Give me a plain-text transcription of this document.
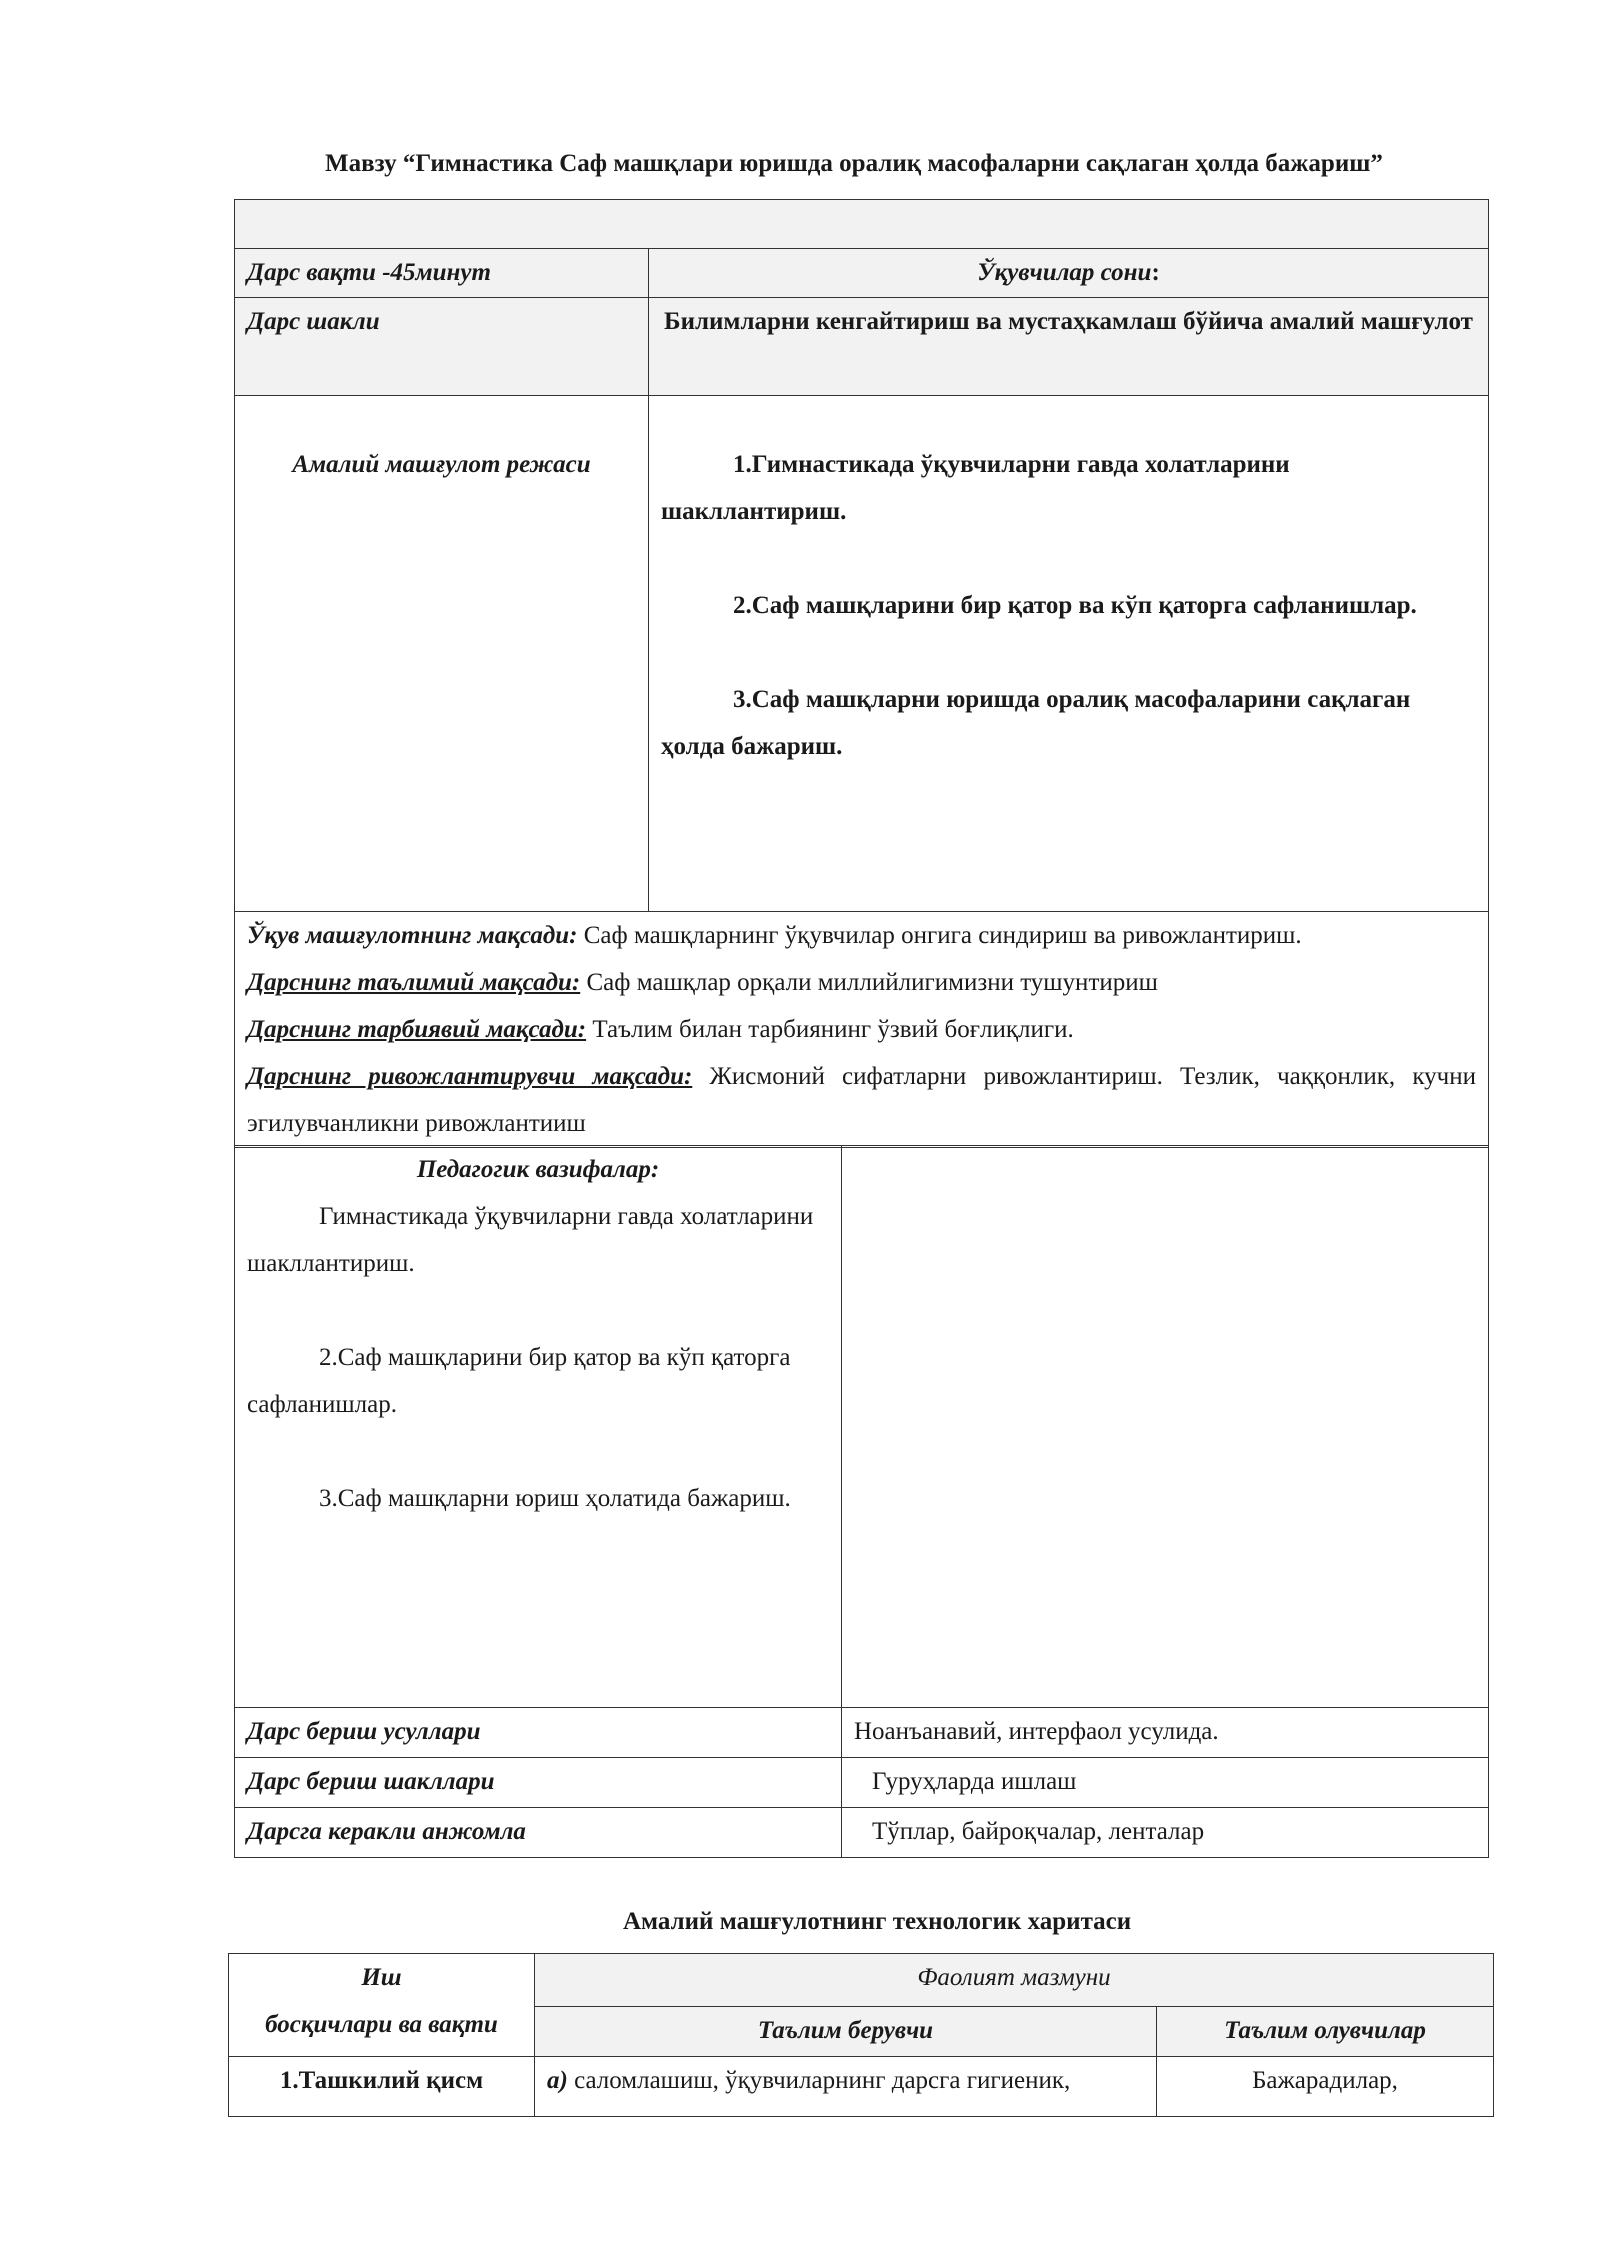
Мавзу “Гимнастика Саф машқлари юришда оралиқ масофаларни сақлаган ҳолда бажариш”

Дарс вақти -45минут	Ўқувчилар сони:
Дарс шакли	Билимларни кенгайтириш ва мустаҳкамлаш бўйича амалий машғулот
Амалий машғулот режаси	1.Гимнастикада ўқувчиларни гавда холатларини шакллантириш.

2.Саф машқларини бир қатор ва кўп қаторга сафланишлар.

3.Саф машқларни юришда оралиқ масофаларини сақлаган ҳолда бажариш.

Ўқув машғулотнинг мақсади: Саф машқларнинг ўқувчилар онгига синдириш ва ривожлантириш.

Дарснинг таълимий мақсади: Саф машқлар орқали миллийлигимизни тушунтириш

Дарснинг тарбиявий мақсади: Таълим билан тарбиянинг ўзвий боғлиқлиги.

Дарснинг ривожлантирувчи мақсади: Жисмоний сифатларни ривожлантириш. Тезлик, чаққонлик, кучни эгилувчанликни ривожлантииш	

Педагогик вазифалар:

Гимнастикада ўқувчиларни гавда холатларини шакллантириш.

2.Саф машқларини бир қатор ва кўп қаторга сафланишлар.

3.Саф машқларни юриш ҳолатида бажариш.	

Дарс бериш усуллари	Ноанъанавий, интерфаол усулида.
Дарс бериш шакллари	Гуруҳларда ишлаш
Дарсга керакли анжомла	Тўплар, байроқчалар, ленталар
Амалий машғулотнинг технологик харитаси

Иш

босқичлари ва вақти	Фаолият мазмуни	
	Таълим берувчи	Таълим олувчилар
1.Ташкилий қисм	а) саломлашиш, ўқувчиларнинг дарсга гигиеник,	Бажарадилар,
